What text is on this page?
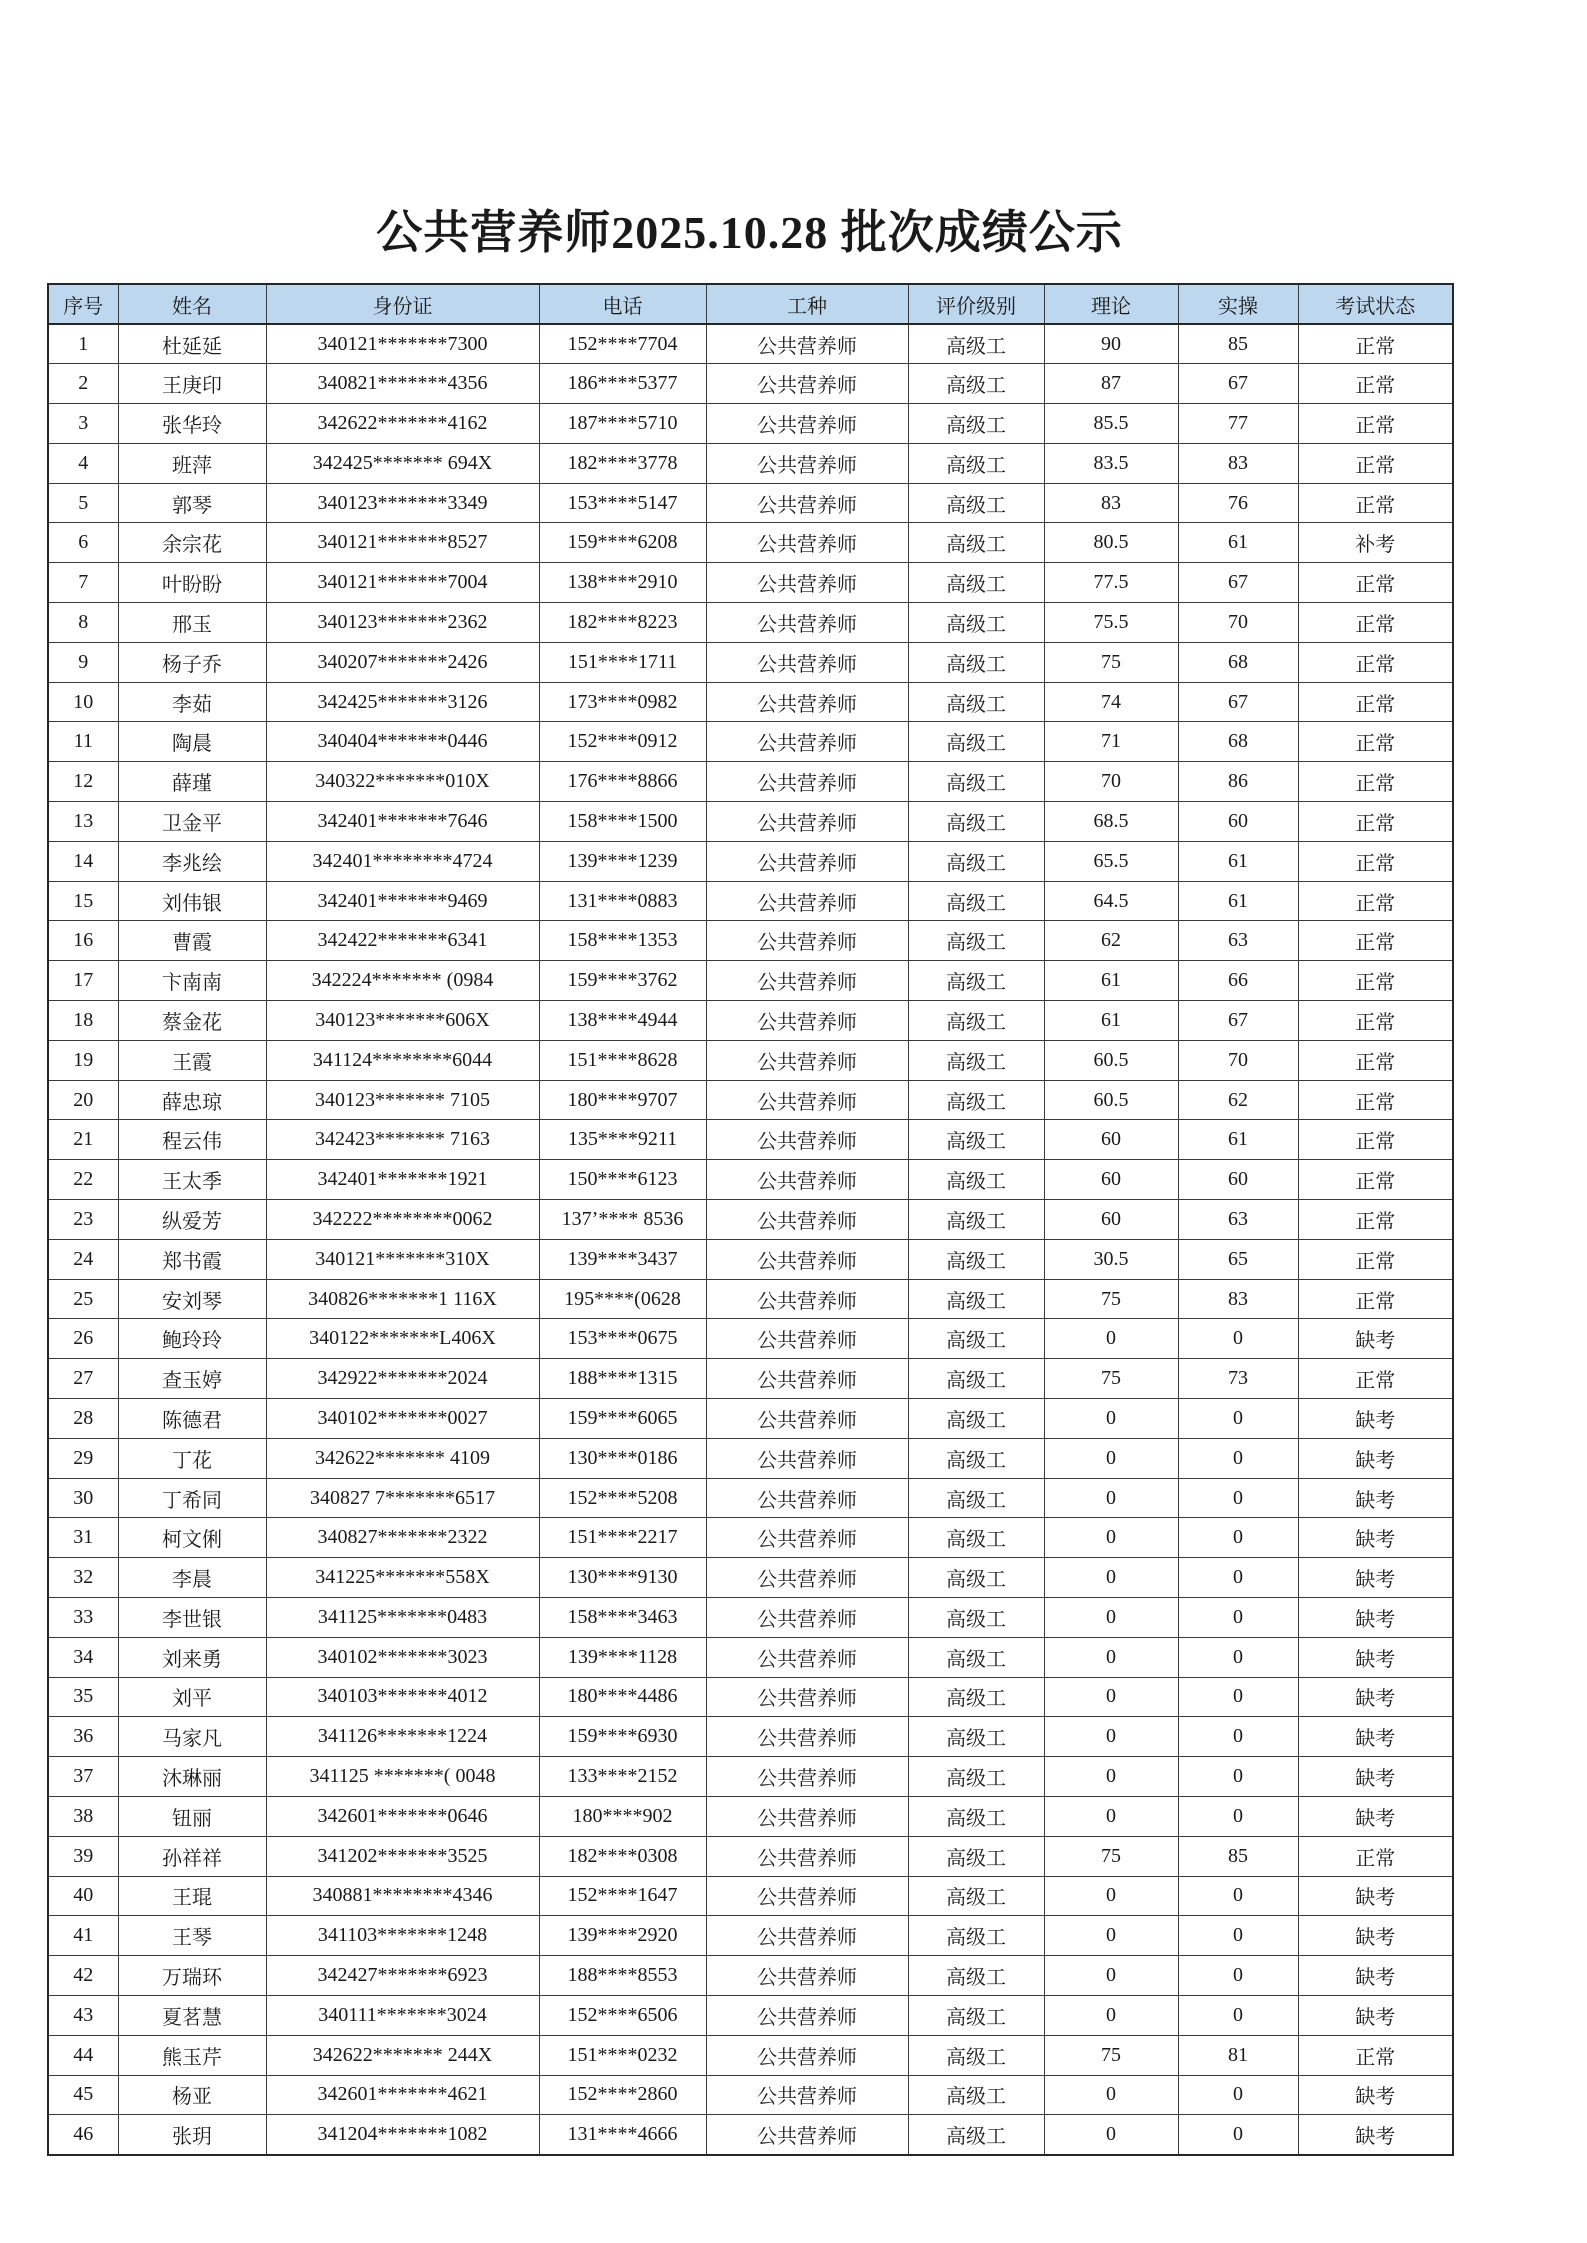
公共营养师2025.10.28 批次成绩公示
序号	姓名	身份证	电话	工种	评价级别	理论	实操	考试状态
1	杜延延	340121*******7300	152****7704	公共营养师	高级工	90	85	正常
2	王庚印	340821*******4356	186****5377	公共营养师	高级工	87	67	正常
3	张华玲	342622*******4162	187****5710	公共营养师	高级工	85.5	77	正常
4	班萍	342425******* 694X	182****3778	公共营养师	高级工	83.5	83	正常
5	郭琴	340123*******3349	153****5147	公共营养师	高级工	83	76	正常
6	余宗花	340121*******8527	159****6208	公共营养师	高级工	80.5	61	补考
7	叶盼盼	340121*******7004	138****2910	公共营养师	高级工	77.5	67	正常
8	邢玉	340123*******2362	182****8223	公共营养师	高级工	75.5	70	正常
9	杨子乔	340207*******2426	151****1711	公共营养师	高级工	75	68	正常
10	李茹	342425*******3126	173****0982	公共营养师	高级工	74	67	正常
11	陶晨	340404*******0446	152****0912	公共营养师	高级工	71	68	正常
12	薛瑾	340322*******010X	176****8866	公共营养师	高级工	70	86	正常
13	卫金平	342401*******7646	158****1500	公共营养师	高级工	68.5	60	正常
14	李兆绘	342401********4724	139****1239	公共营养师	高级工	65.5	61	正常
15	刘伟银	342401*******9469	131****0883	公共营养师	高级工	64.5	61	正常
16	曹霞	342422*******6341	158****1353	公共营养师	高级工	62	63	正常
17	卞南南	342224******* (0984	159****3762	公共营养师	高级工	61	66	正常
18	蔡金花	340123*******606X	138****4944	公共营养师	高级工	61	67	正常
19	王霞	341124********6044	151****8628	公共营养师	高级工	60.5	70	正常
20	薛忠琼	340123******* 7105	180****9707	公共营养师	高级工	60.5	62	正常
21	程云伟	342423******* 7163	135****9211	公共营养师	高级工	60	61	正常
22	王太季	342401*******1921	150****6123	公共营养师	高级工	60	60	正常
23	纵爱芳	342222********0062	137’**** 8536	公共营养师	高级工	60	63	正常
24	郑书霞	340121*******310X	139****3437	公共营养师	高级工	30.5	65	正常
25	安刘琴	340826*******1 116X	195****(0628	公共营养师	高级工	75	83	正常
26	鲍玲玲	340122*******L406X	153****0675	公共营养师	高级工	0	0	缺考
27	查玉婷	342922*******2024	188****1315	公共营养师	高级工	75	73	正常
28	陈德君	340102*******0027	159****6065	公共营养师	高级工	0	0	缺考
29	丁花	342622******* 4109	130****0186	公共营养师	高级工	0	0	缺考
30	丁希同	340827 7*******6517	152****5208	公共营养师	高级工	0	0	缺考
31	柯文俐	340827*******2322	151****2217	公共营养师	高级工	0	0	缺考
32	李晨	341225*******558X	130****9130	公共营养师	高级工	0	0	缺考
33	李世银	341125*******0483	158****3463	公共营养师	高级工	0	0	缺考
34	刘来勇	340102*******3023	139****1128	公共营养师	高级工	0	0	缺考
35	刘平	340103*******4012	180****4486	公共营养师	高级工	0	0	缺考
36	马家凡	341126*******1224	159****6930	公共营养师	高级工	0	0	缺考
37	沐琳丽	341125 *******( 0048	133****2152	公共营养师	高级工	0	0	缺考
38	钮丽	342601*******0646	180****902	公共营养师	高级工	0	0	缺考
39	孙祥祥	341202*******3525	182****0308	公共营养师	高级工	75	85	正常
40	王琨	340881********4346	152****1647	公共营养师	高级工	0	0	缺考
41	王琴	341103*******1248	139****2920	公共营养师	高级工	0	0	缺考
42	万瑞环	342427*******6923	188****8553	公共营养师	高级工	0	0	缺考
43	夏茗慧	340111*******3024	152****6506	公共营养师	高级工	0	0	缺考
44	熊玉芹	342622******* 244X	151****0232	公共营养师	高级工	75	81	正常
45	杨亚	342601*******4621	152****2860	公共营养师	高级工	0	0	缺考
46	张玥	341204*******1082	131****4666	公共营养师	高级工	0	0	缺考
